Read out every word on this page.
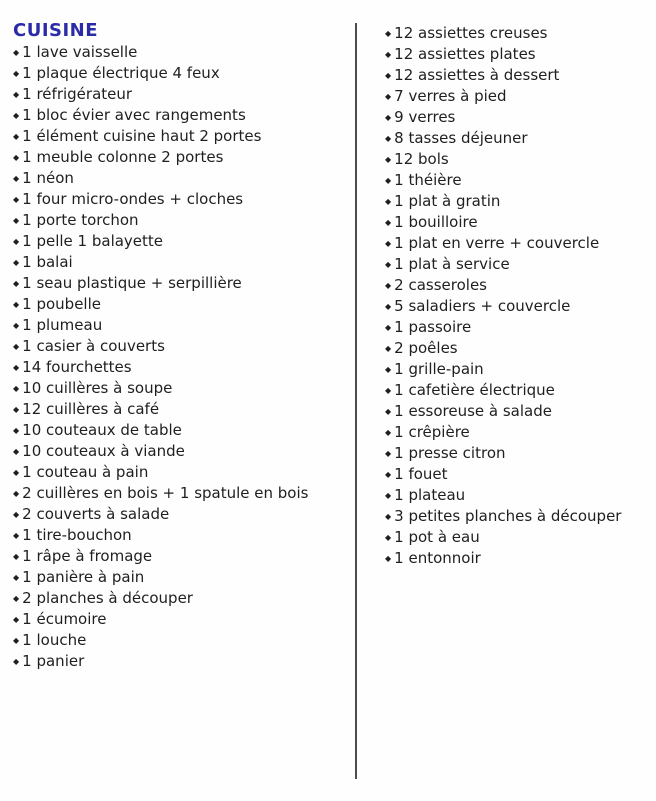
CUISINE
◆ 1 lave vaisselle
◆ 1 plaque électrique 4 feux
◆ 1 réfrigérateur
◆ 1 bloc évier avec rangements
◆ 1 élément cuisine haut 2 portes
◆ 1 meuble colonne 2 portes
◆ 1 néon
◆ 1 four micro-ondes + cloches
◆ 1 porte torchon
◆ 1 pelle 1 balayette
◆ 1 balai
◆ 1 seau plastique + serpillière
◆ 1 poubelle
◆ 1 plumeau
◆ 1 casier à couverts
◆ 14 fourchettes
◆ 10 cuillères à soupe
◆ 12 cuillères à café
◆ 10 couteaux de table
◆ 10 couteaux à viande
◆ 1 couteau à pain
◆ 2 cuillères en bois + 1 spatule en bois
◆ 2 couverts à salade
◆ 1 tire-bouchon
◆ 1 râpe à fromage
◆ 1 panière à pain
◆ 2 planches à découper
◆ 1 écumoire
◆ 1 louche
◆ 1 panier
◆ 12 assiettes creuses
◆ 12 assiettes plates
◆ 12 assiettes à dessert
◆ 7 verres à pied
◆ 9 verres
◆ 8 tasses déjeuner
◆ 12 bols
◆ 1 théière
◆ 1 plat à gratin
◆ 1 bouilloire
◆ 1 plat en verre + couvercle
◆ 1 plat à service
◆ 2 casseroles
◆ 5 saladiers + couvercle
◆ 1 passoire
◆ 2 poêles
◆ 1 grille-pain
◆ 1 cafetière électrique
◆ 1 essoreuse à salade
◆ 1 crêpière
◆ 1 presse citron
◆ 1 fouet
◆ 1 plateau
◆ 3 petites planches à découper
◆ 1 pot à eau
◆ 1 entonnoir
